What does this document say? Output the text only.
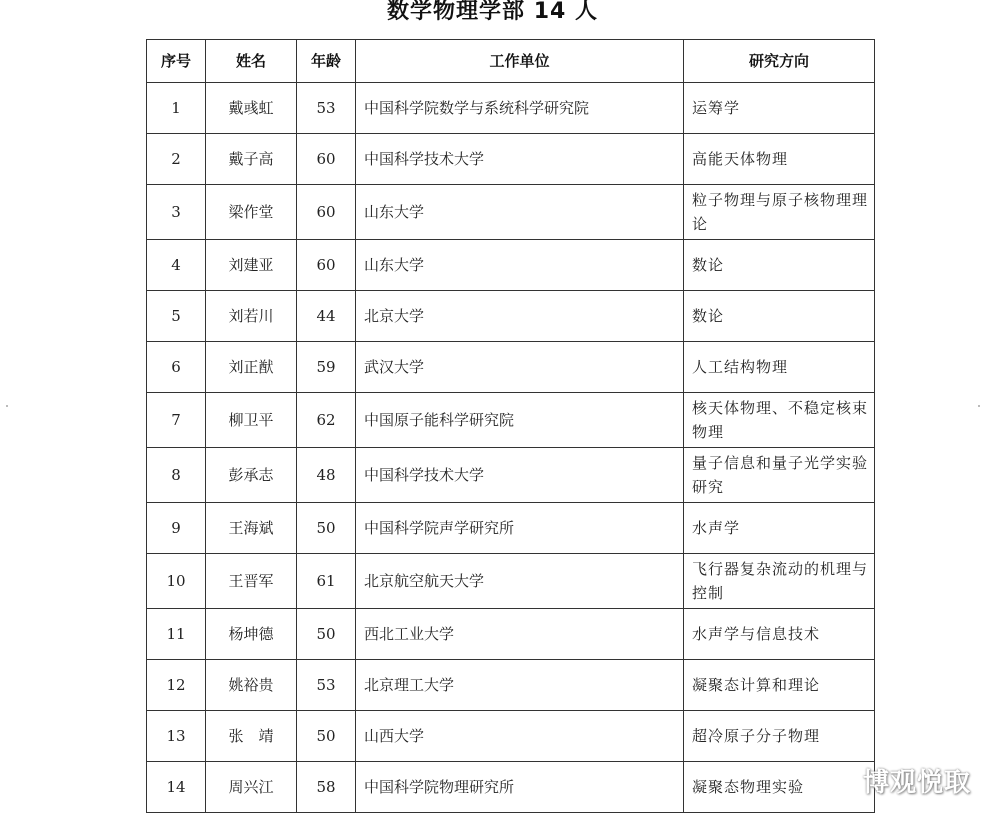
数学物理学部 14 人
序号	姓名	年龄	工作单位	研究方向
1	戴彧虹	53	中国科学院数学与系统科学研究院	运筹学
2	戴子高	60	中国科学技术大学	高能天体物理
3	梁作堂	60	山东大学	粒子物理与原子核物理理论
4	刘建亚	60	山东大学	数论
5	刘若川	44	北京大学	数论
6	刘正猷	59	武汉大学	人工结构物理
7	柳卫平	62	中国原子能科学研究院	核天体物理、不稳定核束物理
8	彭承志	48	中国科学技术大学	量子信息和量子光学实验研究
9	王海斌	50	中国科学院声学研究所	水声学
10	王晋军	61	北京航空航天大学	飞行器复杂流动的机理与控制
11	杨坤德	50	西北工业大学	水声学与信息技术
12	姚裕贵	53	北京理工大学	凝聚态计算和理论
13	张　靖	50	山西大学	超冷原子分子物理
14	周兴江	58	中国科学院物理研究所	凝聚态物理实验 博观悦取
